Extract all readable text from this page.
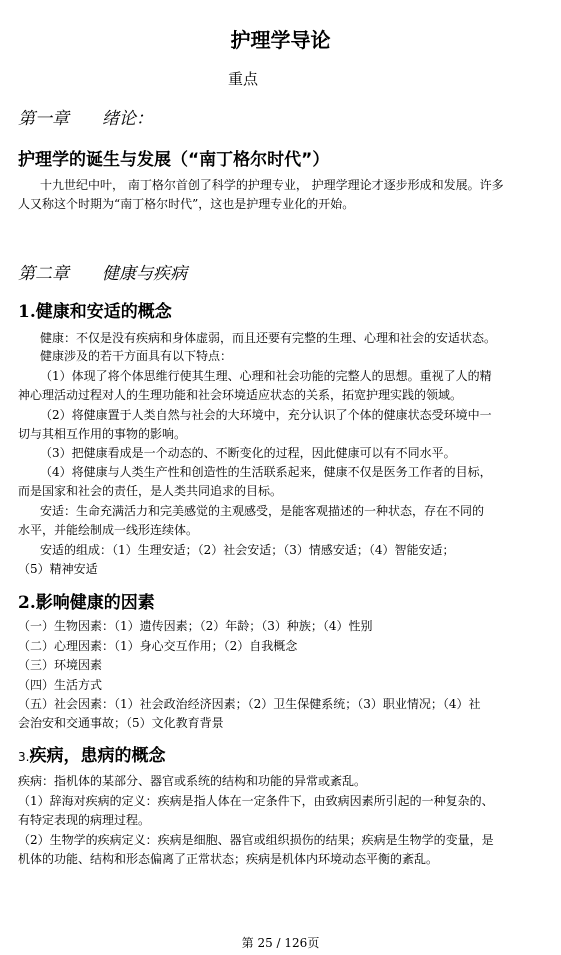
护理学导论
重点
第一章 绪论：
护理学的诞生与发展（“南丁格尔时代”）
十九世纪中叶， 南丁格尔首创了科学的护理专业， 护理学理论才逐步形成和发展。许多
人又称这个时期为“南丁格尔时代”，这也是护理专业化的开始。
第二章 健康与疾病
1.健康和安适的概念
健康：不仅是没有疾病和身体虚弱，而且还要有完整的生理、心理和社会的安适状态。
健康涉及的若干方面具有以下特点：
（1）体现了将个体思维行使其生理、心理和社会功能的完整人的思想。重视了人的精
神心理活动过程对人的生理功能和社会环境适应状态的关系，拓宽护理实践的领域。
（2）将健康置于人类自然与社会的大环境中，充分认识了个体的健康状态受环境中一
切与其相互作用的事物的影响。
（3）把健康看成是一个动态的、不断变化的过程，因此健康可以有不同水平。
（4）将健康与人类生产性和创造性的生活联系起来，健康不仅是医务工作者的目标，
而是国家和社会的责任，是人类共同追求的目标。
安适：生命充满活力和完美感觉的主观感受，是能客观描述的一种状态，存在不同的
水平，并能绘制成一线形连续体。
安适的组成：（1）生理安适；（2）社会安适；（3）情感安适；（4）智能安适；
（5）精神安适
2.影响健康的因素
（一）生物因素：（1）遗传因素；（2）年龄；（3）种族；（4）性别
（二）心理因素：（1）身心交互作用；（2）自我概念
（三）环境因素
（四）生活方式
（五）社会因素：（1）社会政治经济因素；（2）卫生保健系统；（3）职业情况；（4）社
会治安和交通事故；（5）文化教育背景
3.疾病，患病的概念
疾病：指机体的某部分、器官或系统的结构和功能的异常或紊乱。
（1）辞海对疾病的定义：疾病是指人体在一定条件下，由致病因素所引起的一种复杂的、
有特定表现的病理过程。
（2）生物学的疾病定义：疾病是细胞、器官或组织损伤的结果；疾病是生物学的变量，是
机体的功能、结构和形态偏离了正常状态；疾病是机体内环境动态平衡的紊乱。
第 25 / 126页
